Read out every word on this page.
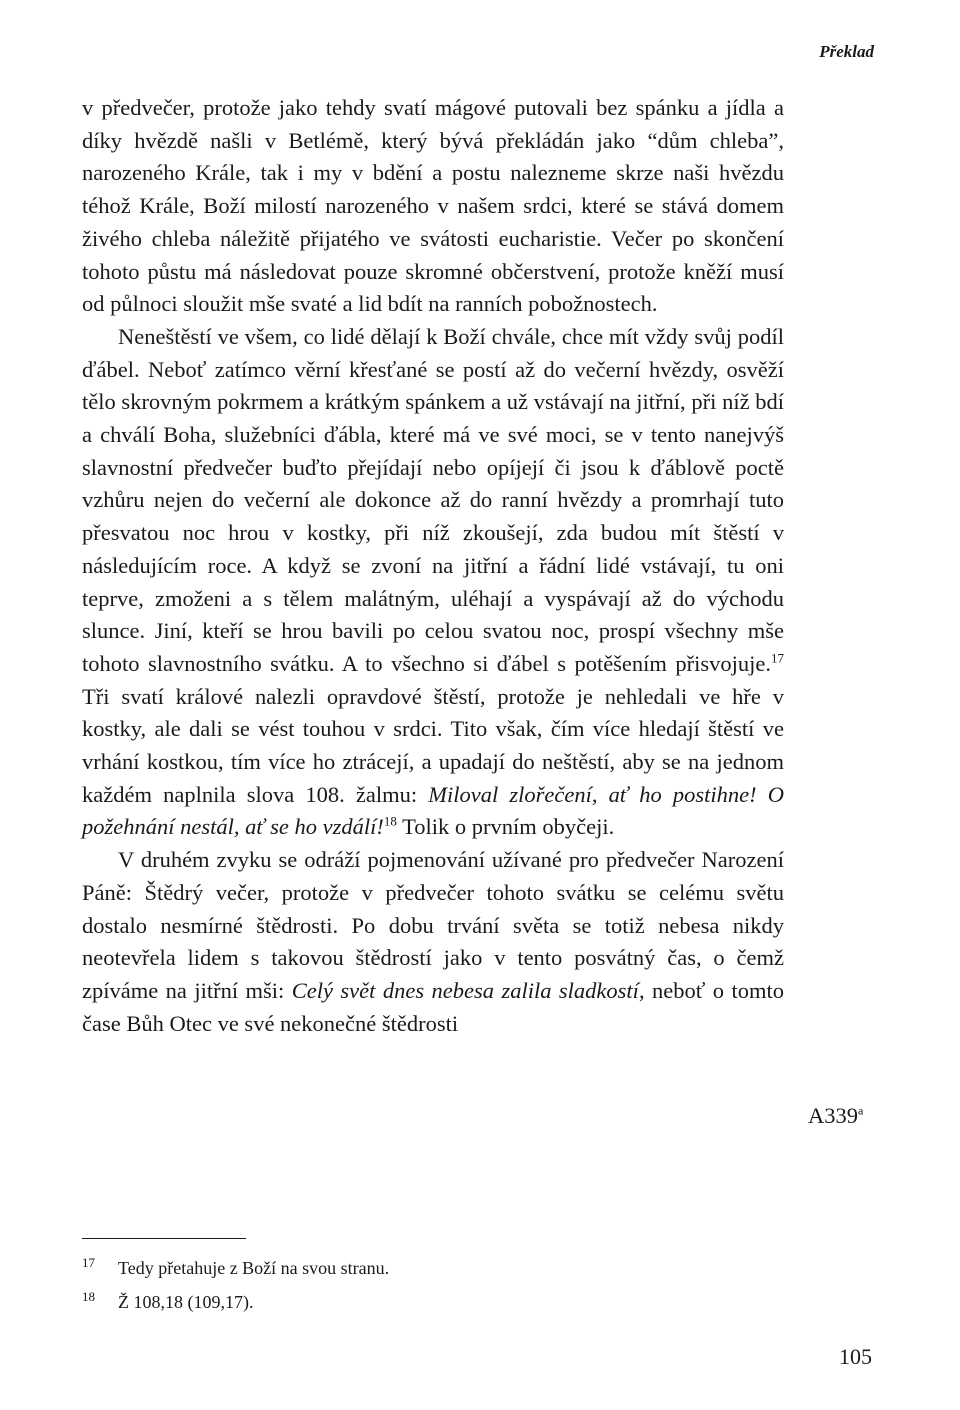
Překlad

v předvečer, protože jako tehdy svatí mágové putovali bez spánku a jídla a díky hvězdě našli v Betlémě, který bývá překládán jako “dům chleba”, narozeného Krále, tak i my v bdění a postu nalezneme skrze naši hvězdu téhož Krále, Boží milostí narozeného v našem srdci, které se stává domem živého chleba náležitě přijatého ve svátosti eucharistie. Večer po skončení tohoto půstu má následovat pouze skromné občerstvení, protože kněží musí od půlnoci sloužit mše svaté a lid bdít na ranních pobožnostech.

Neneštěstí ve všem, co lidé dělají k Boží chvále, chce mít vždy svůj podíl ďábel. Neboť zatímco věrní křesťané se postí až do večerní hvězdy, osvěží tělo skrovným pokrmem a krátkým spánkem a už vstávají na jitřní, při níž bdí a chválí Boha, služebníci ďábla, které má ve své moci, se v tento nanejvýš slavnostní předvečer buďto přejídají nebo opíjejí či jsou k ďáblově poctě vzhůru nejen do večerní ale dokonce až do ranní hvězdy a promrhají tuto přesvatou noc hrou v kostky, při níž zkoušejí, zda budou mít štěstí v následujícím roce. A když se zvoní na jitřní a řádní lidé vstávají, tu oni teprve, zmoženi a s tělem malátným, uléhají a vyspávají až do východu slunce. Jiní, kteří se hrou bavili po celou svatou noc, prospí všechny mše tohoto slavnostního svátku. A to všechno si ďábel s potěšením přisvojuje.$^{17}$ Tři svatí králové nalezli opravdové štěstí, protože je nehledali ve hře v kostky, ale dali se vést touhou v srdci. Tito však, čím více hledají štěstí ve vrhání kostkou, tím více ho ztrácejí, a upadají do neštěstí, aby se na jednom každém naplnila slova 108. žalmu: Miloval zlořečení, ať ho postihne! O požehnání nestál, ať se ho vzdálí!$^{18}$ Tolik o prvním obyčeji.

V druhém zvyku se odráží pojmenování užívané pro předvečer Narození Páně: Štědrý večer, protože v předvečer tohoto svátku se celému světu dostalo nesmírné štědrosti. Po dobu trvání světa se totiž nebesa nikdy neotevřela lidem s takovou štědrostí jako v tento posvátný čas, o čemž zpíváme na jitřní mši: Celý svět dnes nebesa zalila sladkostí, neboť o tomto čase Bůh Otec ve své nekonečné štědrosti

A339$^a$
17	Tedy přetahuje z Boží na svou stranu.
18	Ž 108,18 (109,17).
105
